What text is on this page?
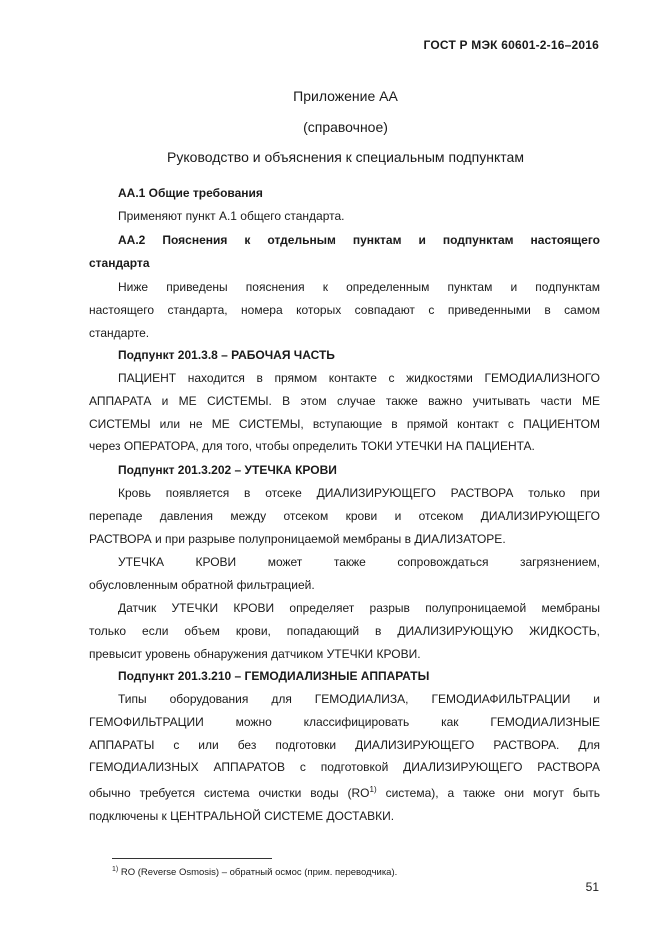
ГОСТ Р МЭК 60601-2-16–2016
Приложение АА
(справочное)
Руководство и объяснения к специальным подпунктам
АА.1 Общие требования
Применяют пункт А.1 общего стандарта.
АА.2 Пояснения к отдельным пунктам и подпунктам настоящего
стандарта
Ниже приведены пояснения к определенным пунктам и подпунктам
настоящего стандарта, номера которых совпадают с приведенными в самом
стандарте.
Подпункт 201.3.8 – РАБОЧАЯ ЧАСТЬ
ПАЦИЕНТ находится в прямом контакте с жидкостями ГЕМОДИАЛИЗНОГО
АППАРАТА и МЕ СИСТЕМЫ. В этом случае также важно учитывать части МЕ
СИСТЕМЫ или не МЕ СИСТЕМЫ, вступающие в прямой контакт с ПАЦИЕНТОМ
через ОПЕРАТОРА, для того, чтобы определить ТОКИ УТЕЧКИ НА ПАЦИЕНТА.
Подпункт 201.3.202 – УТЕЧКА КРОВИ
Кровь появляется в отсеке ДИАЛИЗИРУЮЩЕГО РАСТВОРА только при
перепаде давления между отсеком крови и отсеком ДИАЛИЗИРУЮЩЕГО
РАСТВОРА и при разрыве полупроницаемой мембраны в ДИАЛИЗАТОРЕ.
УТЕЧКА КРОВИ может также сопровождаться загрязнением,
обусловленным обратной фильтрацией.
Датчик УТЕЧКИ КРОВИ определяет разрыв полупроницаемой мембраны
только если объем крови, попадающий в ДИАЛИЗИРУЮЩУЮ ЖИДКОСТЬ,
превысит уровень обнаружения датчиком УТЕЧКИ КРОВИ.
Подпункт 201.3.210 – ГЕМОДИАЛИЗНЫЕ АППАРАТЫ
Типы оборудования для ГЕМОДИАЛИЗА, ГЕМОДИАФИЛЬТРАЦИИ и
ГЕМОФИЛЬТРАЦИИ можно классифицировать как ГЕМОДИАЛИЗНЫЕ
АППАРАТЫ с или без подготовки ДИАЛИЗИРУЮЩЕГО РАСТВОРА. Для
ГЕМОДИАЛИЗНЫХ АППАРАТОВ с подготовкой ДИАЛИЗИРУЮЩЕГО РАСТВОРА
обычно требуется система очистки воды (RO$^{1)}$ система), а также они могут быть
подключены к ЦЕНТРАЛЬНОЙ СИСТЕМЕ ДОСТАВКИ.
$^{1)}$ RO (Reverse Osmosis) – обратный осмос (прим. переводчика).
51
